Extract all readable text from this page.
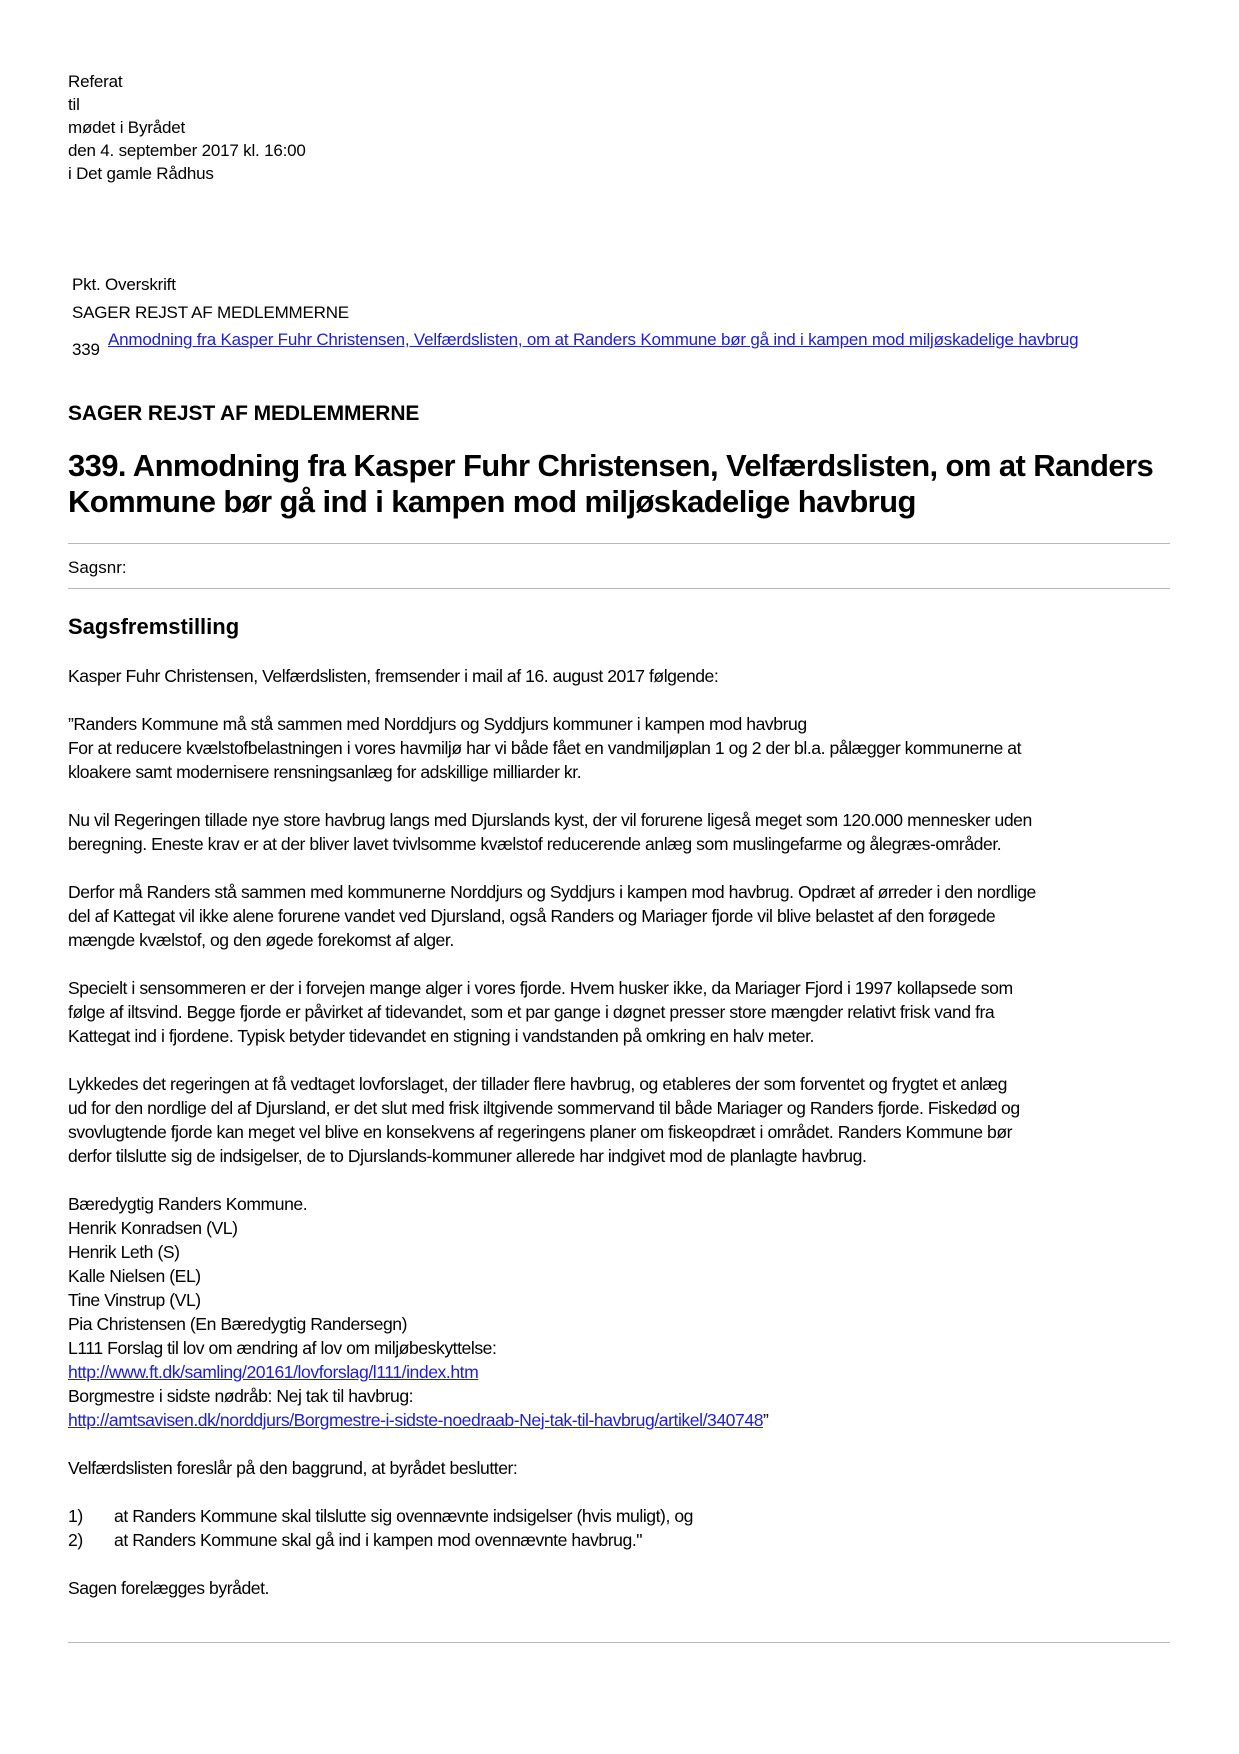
Referat
til
mødet i Byrådet
den 4. september 2017 kl. 16:00
i Det gamle Rådhus
Pkt. Overskrift
SAGER REJST AF MEDLEMMERNE
339
Anmodning fra Kasper Fuhr Christensen, Velfærdslisten, om at Randers Kommune bør gå ind i kampen mod miljøskadelige havbrug
SAGER REJST AF MEDLEMMERNE
339. Anmodning fra Kasper Fuhr Christensen, Velfærdslisten, om at Randers Kommune bør gå ind i kampen mod miljøskadelige havbrug
Sagsnr:
Sagsfremstilling

Kasper Fuhr Christensen, Velfærdslisten, fremsender i mail af 16. august 2017 følgende:

”Randers Kommune må stå sammen med Norddjurs og Syddjurs kommuner i kampen mod havbrug
For at reducere kvælstofbelastningen i vores havmiljø har vi både fået en vandmiljøplan 1 og 2 der bl.a. pålægger kommunerne at
kloakere samt modernisere rensningsanlæg for adskillige milliarder kr.

Nu vil Regeringen tillade nye store havbrug langs med Djurslands kyst, der vil forurene ligeså meget som 120.000 mennesker uden
beregning. Eneste krav er at der bliver lavet tvivlsomme kvælstof reducerende anlæg som muslingefarme og ålegræs-områder.

Derfor må Randers stå sammen med kommunerne Norddjurs og Syddjurs i kampen mod havbrug. Opdræt af ørreder i den nordlige
del af Kattegat vil ikke alene forurene vandet ved Djursland, også Randers og Mariager fjorde vil blive belastet af den forøgede
mængde kvælstof, og den øgede forekomst af alger.

Specielt i sensommeren er der i forvejen mange alger i vores fjorde. Hvem husker ikke, da Mariager Fjord i 1997 kollapsede som
følge af iltsvind. Begge fjorde er påvirket af tidevandet, som et par gange i døgnet presser store mængder relativt frisk vand fra
Kattegat ind i fjordene. Typisk betyder tidevandet en stigning i vandstanden på omkring en halv meter.

Lykkedes det regeringen at få vedtaget lovforslaget, der tillader flere havbrug, og etableres der som forventet og frygtet et anlæg
ud for den nordlige del af Djursland, er det slut med frisk iltgivende sommervand til både Mariager og Randers fjorde. Fiskedød og
svovlugtende fjorde kan meget vel blive en konsekvens af regeringens planer om fiskeopdræt i området. Randers Kommune bør
derfor tilslutte sig de indsigelser, de to Djurslands-kommuner allerede har indgivet mod de planlagte havbrug.

Bæredygtig Randers Kommune.
Henrik Konradsen (VL)
Henrik Leth (S)
Kalle Nielsen (EL)
Tine Vinstrup (VL)
Pia Christensen (En Bæredygtig Randersegn)
L111 Forslag til lov om ændring af lov om miljøbeskyttelse:
http://www.ft.dk/samling/20161/lovforslag/l111/index.htm
Borgmestre i sidste nødråb: Nej tak til havbrug:
http://amtsavisen.dk/norddjurs/Borgmestre-i-sidste-noedraab-Nej-tak-til-havbrug/artikel/340748”

Velfærdslisten foreslår på den baggrund, at byrådet beslutter:

1) at Randers Kommune skal tilslutte sig ovennævnte indsigelser (hvis muligt), og
2) at Randers Kommune skal gå ind i kampen mod ovennævnte havbrug."

Sagen forelægges byrådet.
